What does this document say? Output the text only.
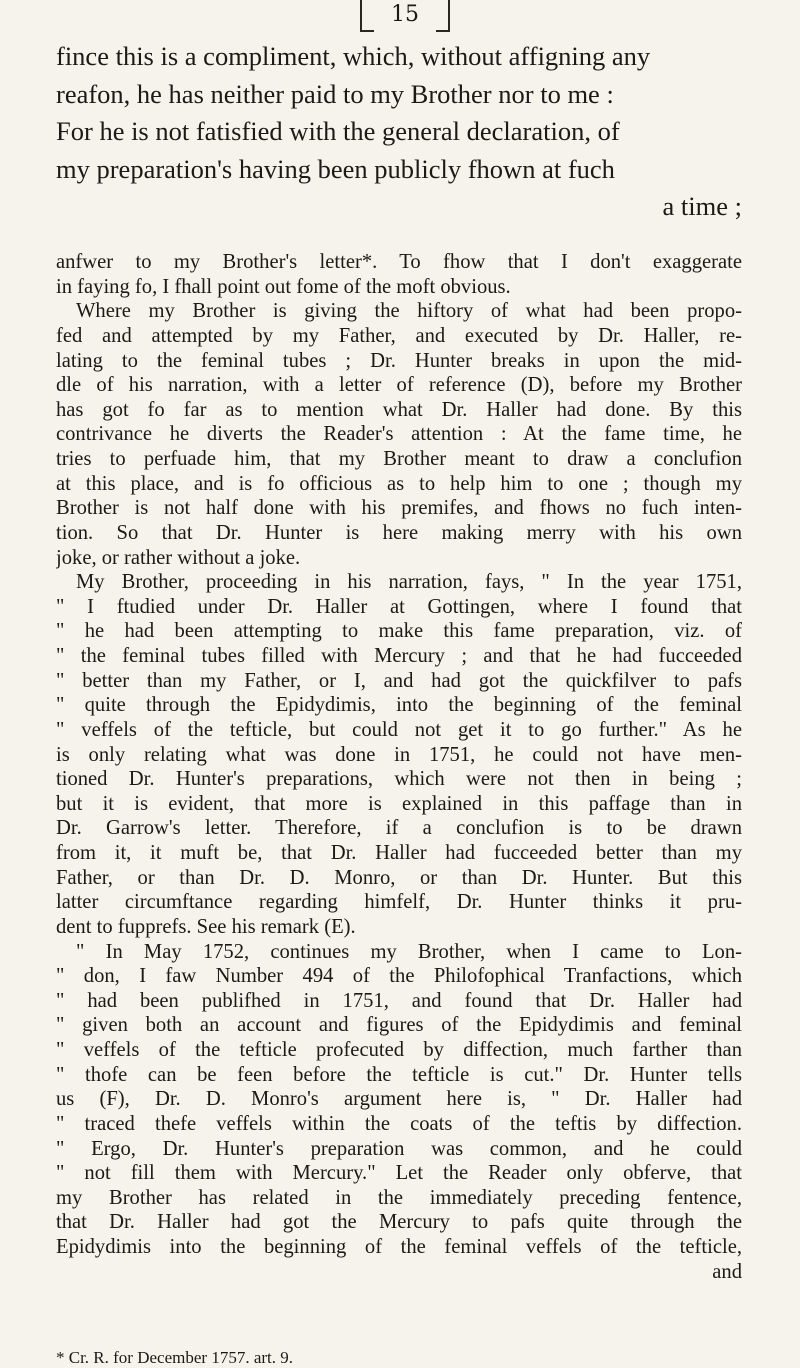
15
fince this is a compliment, which, without affigning any
reafon, he has neither paid to my Brother nor to me :
For he is not fatisfied with the general declaration, of
my preparation's having been publicly fhown at fuch
a time ;
anfwer to my Brother's letter*. To fhow that I don't exaggerate
in faying fo, I fhall point out fome of the moft obvious.
Where my Brother is giving the hiftory of what had been propo-
fed and attempted by my Father, and executed by Dr. Haller, re-
lating to the feminal tubes ; Dr. Hunter breaks in upon the mid-
dle of his narration, with a letter of reference (D), before my Brother
has got fo far as to mention what Dr. Haller had done. By this
contrivance he diverts the Reader's attention : At the fame time, he
tries to perfuade him, that my Brother meant to draw a conclufion
at this place, and is fo officious as to help him to one ; though my
Brother is not half done with his premifes, and fhows no fuch inten-
tion. So that Dr. Hunter is here making merry with his own
joke, or rather without a joke.
My Brother, proceeding in his narration, fays, " In the year 1751,
" I ftudied under Dr. Haller at Gottingen, where I found that
" he had been attempting to make this fame preparation, viz. of
" the feminal tubes filled with Mercury ; and that he had fucceeded
" better than my Father, or I, and had got the quickfilver to pafs
" quite through the Epidydimis, into the beginning of the feminal
" veffels of the tefticle, but could not get it to go further." As he
is only relating what was done in 1751, he could not have men-
tioned Dr. Hunter's preparations, which were not then in being ;
but it is evident, that more is explained in this paffage than in
Dr. Garrow's letter. Therefore, if a conclufion is to be drawn
from it, it muft be, that Dr. Haller had fucceeded better than my
Father, or than Dr. D. Monro, or than Dr. Hunter. But this
latter circumftance regarding himfelf, Dr. Hunter thinks it pru-
dent to fupprefs. See his remark (E).
" In May 1752, continues my Brother, when I came to Lon-
" don, I faw Number 494 of the Philofophical Tranfactions, which
" had been publifhed in 1751, and found that Dr. Haller had
" given both an account and figures of the Epidydimis and feminal
" veffels of the tefticle profecuted by diffection, much farther than
" thofe can be feen before the tefticle is cut." Dr. Hunter tells
us (F), Dr. D. Monro's argument here is, " Dr. Haller had
" traced thefe veffels within the coats of the teftis by diffection.
" Ergo, Dr. Hunter's preparation was common, and he could
" not fill them with Mercury." Let the Reader only obferve, that
my Brother has related in the immediately preceding fentence,
that Dr. Haller had got the Mercury to pafs quite through the
Epidydimis into the beginning of the feminal veffels of the tefticle,
and
* Cr. R. for December 1757. art. 9.
